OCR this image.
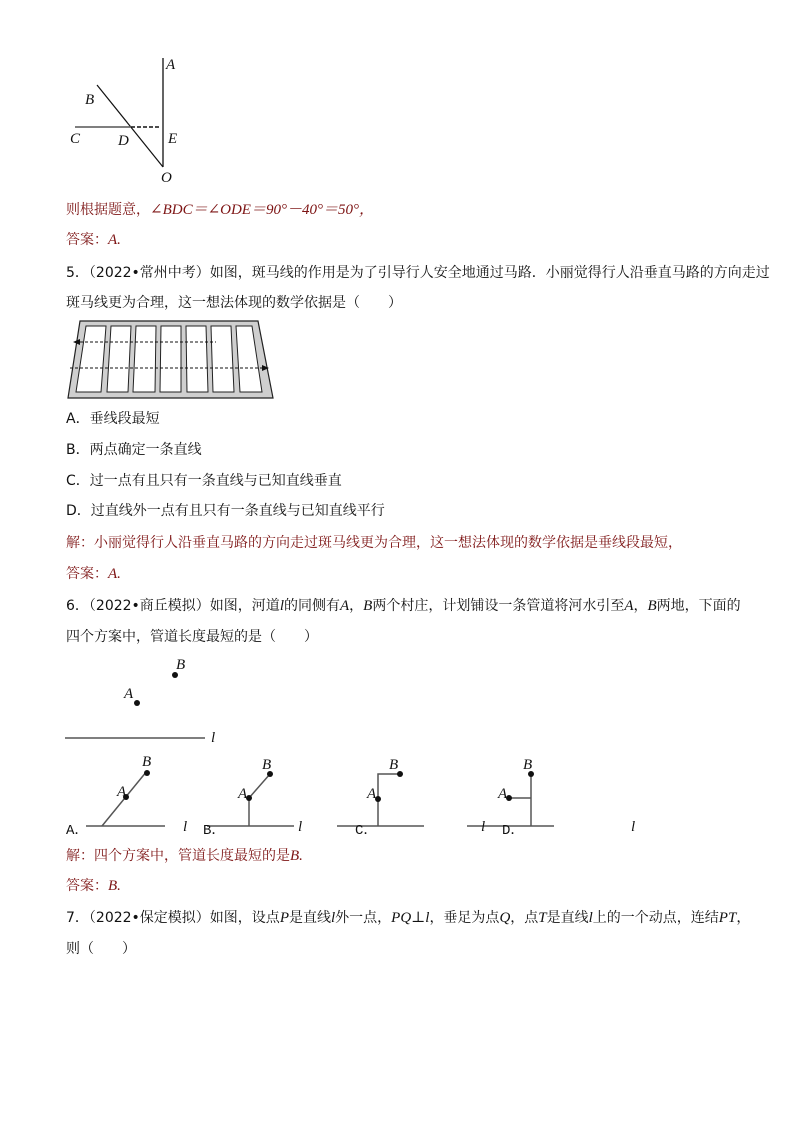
A
B
C	D	E
O
则根据题意，∠BDC＝∠ODE＝90°－40°＝50°，
答案：A.
5．（2022•常州中考）如图，斑马线的作用是为了引导行人安全地通过马路．小丽觉得行人沿垂直马路的方向走过
斑马线更为合理，这一想法体现的数学依据是（　　）
A．垂线段最短
B．两点确定一条直线
C．过一点有且只有一条直线与已知直线垂直
D．过直线外一点有且只有一条直线与已知直线平行
解：小丽觉得行人沿垂直马路的方向走过斑马线更为合理，这一想法体现的数学依据是垂线段最短，
答案：A.
6．（2022•商丘模拟）如图，河道l的同侧有A，B两个村庄，计划铺设一条管道将河水引至A，B两地，下面的
四个方案中，管道长度最短的是（　　）
B
A
l
A
B
l
A
B
l
A
B
l
A
B
l
A．	B．	C．	D．
解：四个方案中，管道长度最短的是B.
答案：B.
7．（2022•保定模拟）如图，设点P是直线l外一点，PQ⊥l，垂足为点Q，点T是直线l上的一个动点，连结PT，
则（　　）
